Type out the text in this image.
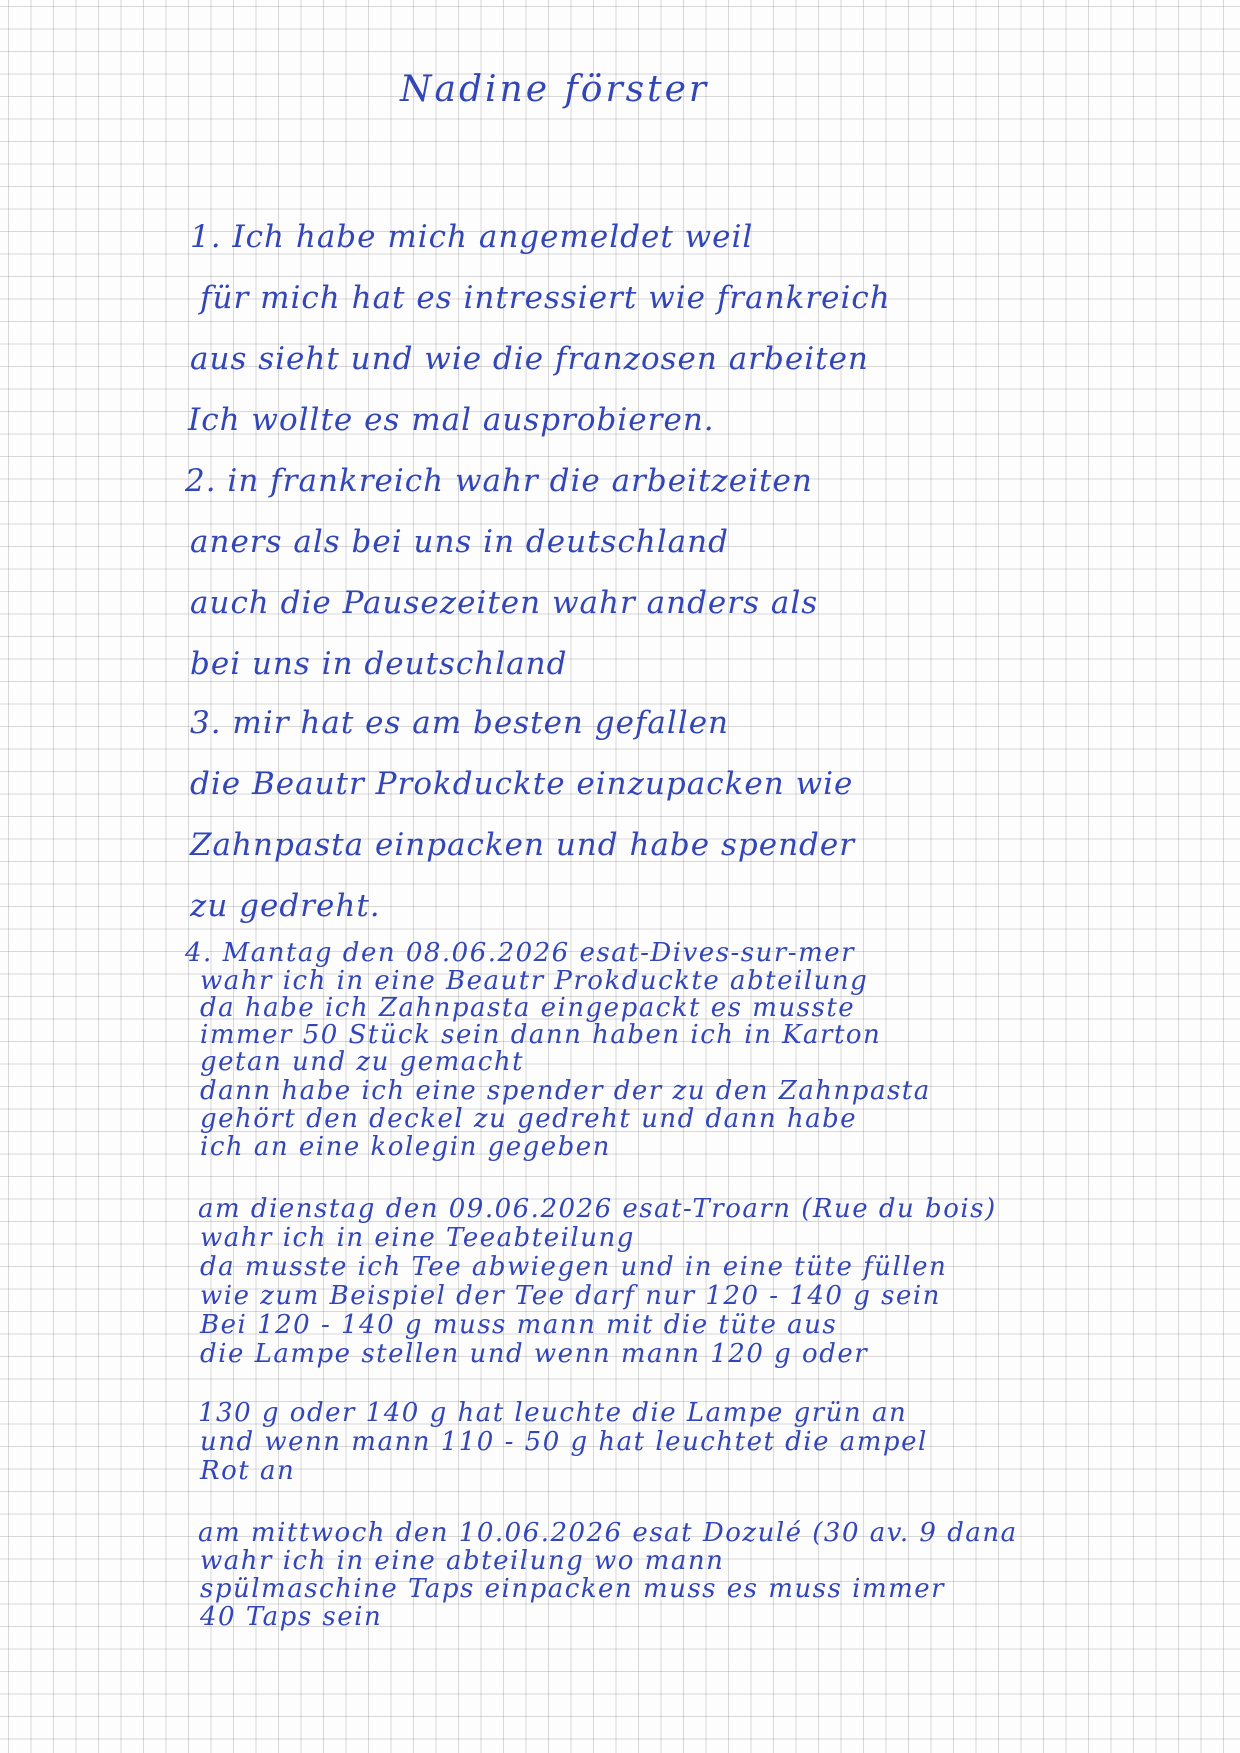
Nadine förster

1. Ich habe mich angemeldet weil

für mich hat es intressiert wie frankreich

aus sieht und wie die franzosen arbeiten

Ich wollte es mal ausprobieren.

2. in frankreich wahr die arbeitzeiten

aners als bei uns in deutschland

auch die Pausezeiten wahr anders als

bei uns in deutschland

3. mir hat es am besten gefallen

die Beautr Prokduckte einzupacken wie

Zahnpasta einpacken und habe spender

zu gedreht.

4. Mantag den 08.06.2026 esat-Dives-sur-mer

wahr ich in eine Beautr Prokduckte abteilung

da habe ich Zahnpasta eingepackt es musste

immer 50 Stück sein dann haben ich in Karton

getan und zu gemacht

dann habe ich eine spender der zu den Zahnpasta

gehört den deckel zu gedreht und dann habe

ich an eine kolegin gegeben

am dienstag den 09.06.2026 esat-Troarn (Rue du bois)

wahr ich in eine Teeabteilung

da musste ich Tee abwiegen und in eine tüte füllen

wie zum Beispiel der Tee darf nur 120 - 140 g sein

Bei 120 - 140 g muss mann mit die tüte aus

die Lampe stellen und wenn mann 120 g oder

130 g oder 140 g hat leuchte die Lampe grün an

und wenn mann 110 - 50 g hat leuchtet die ampel

Rot an

am mittwoch den 10.06.2026 esat Dozulé (30 av. 9 dana

wahr ich in eine abteilung wo mann

spülmaschine Taps einpacken muss es muss immer

40 Taps sein
